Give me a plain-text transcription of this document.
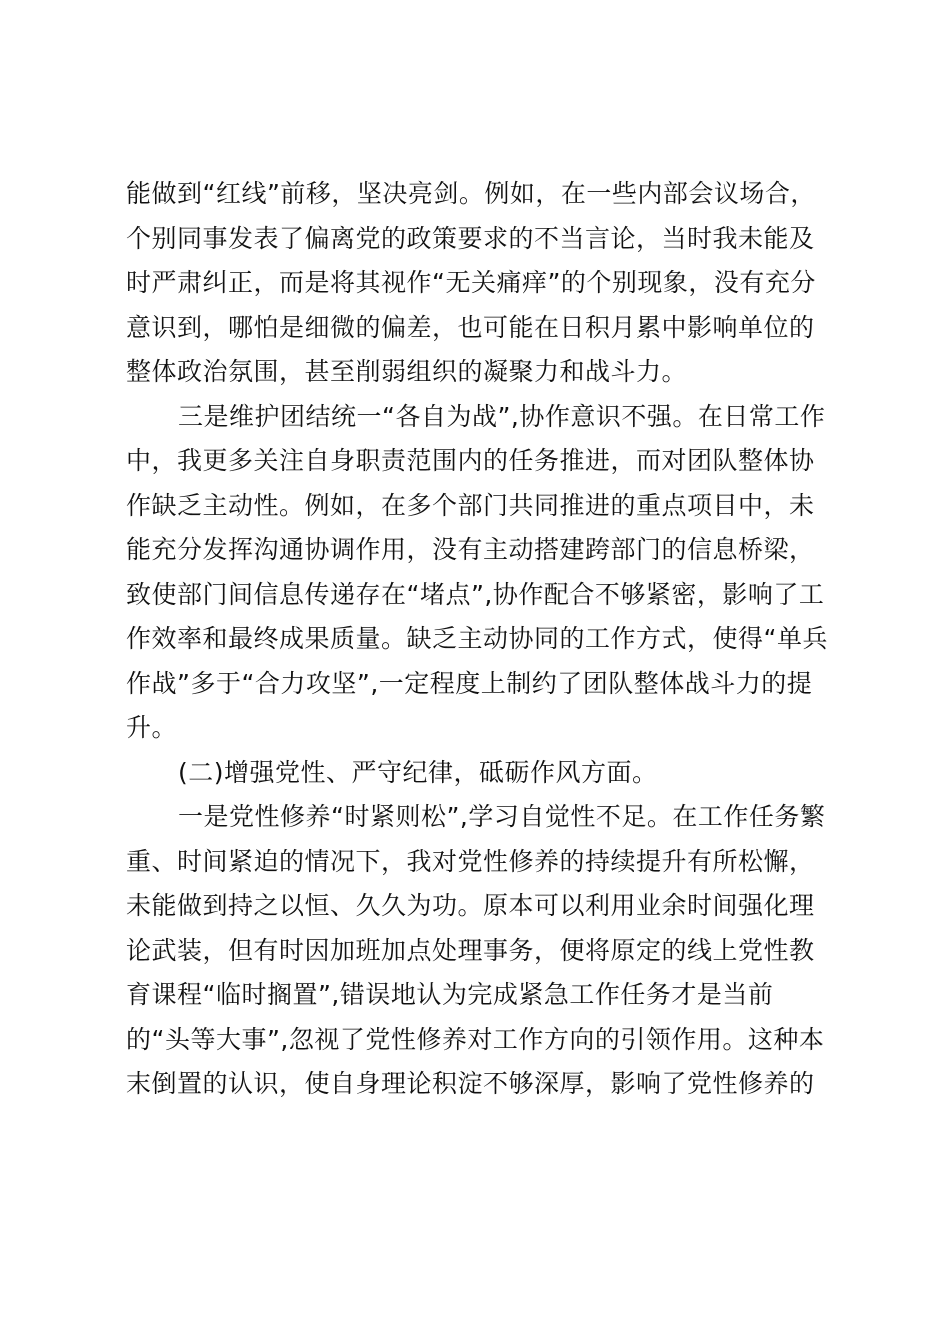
能做到“红线”前移，坚决亮剑。例如，在一些内部会议场合，
个别同事发表了偏离党的政策要求的不当言论，当时我未能及
时严肃纠正，而是将其视作“无关痛痒”的个别现象，没有充分
意识到，哪怕是细微的偏差，也可能在日积月累中影响单位的
整体政治氛围，甚至削弱组织的凝聚力和战斗力。
三是维护团结统一“各自为战”,协作意识不强。在日常工作
中，我更多关注自身职责范围内的任务推进，而对团队整体协
作缺乏主动性。例如，在多个部门共同推进的重点项目中，未
能充分发挥沟通协调作用，没有主动搭建跨部门的信息桥梁，
致使部门间信息传递存在“堵点”,协作配合不够紧密，影响了工
作效率和最终成果质量。缺乏主动协同的工作方式，使得“单兵
作战”多于“合力攻坚”,一定程度上制约了团队整体战斗力的提
升。
(二)增强党性、严守纪律，砥砺作风方面。
一是党性修养“时紧则松”,学习自觉性不足。在工作任务繁
重、时间紧迫的情况下，我对党性修养的持续提升有所松懈，
未能做到持之以恒、久久为功。原本可以利用业余时间强化理
论武装，但有时因加班加点处理事务，便将原定的线上党性教
育课程“临时搁置”,错误地认为完成紧急工作任务才是当前
的“头等大事”,忽视了党性修养对工作方向的引领作用。这种本
末倒置的认识，使自身理论积淀不够深厚，影响了党性修养的
